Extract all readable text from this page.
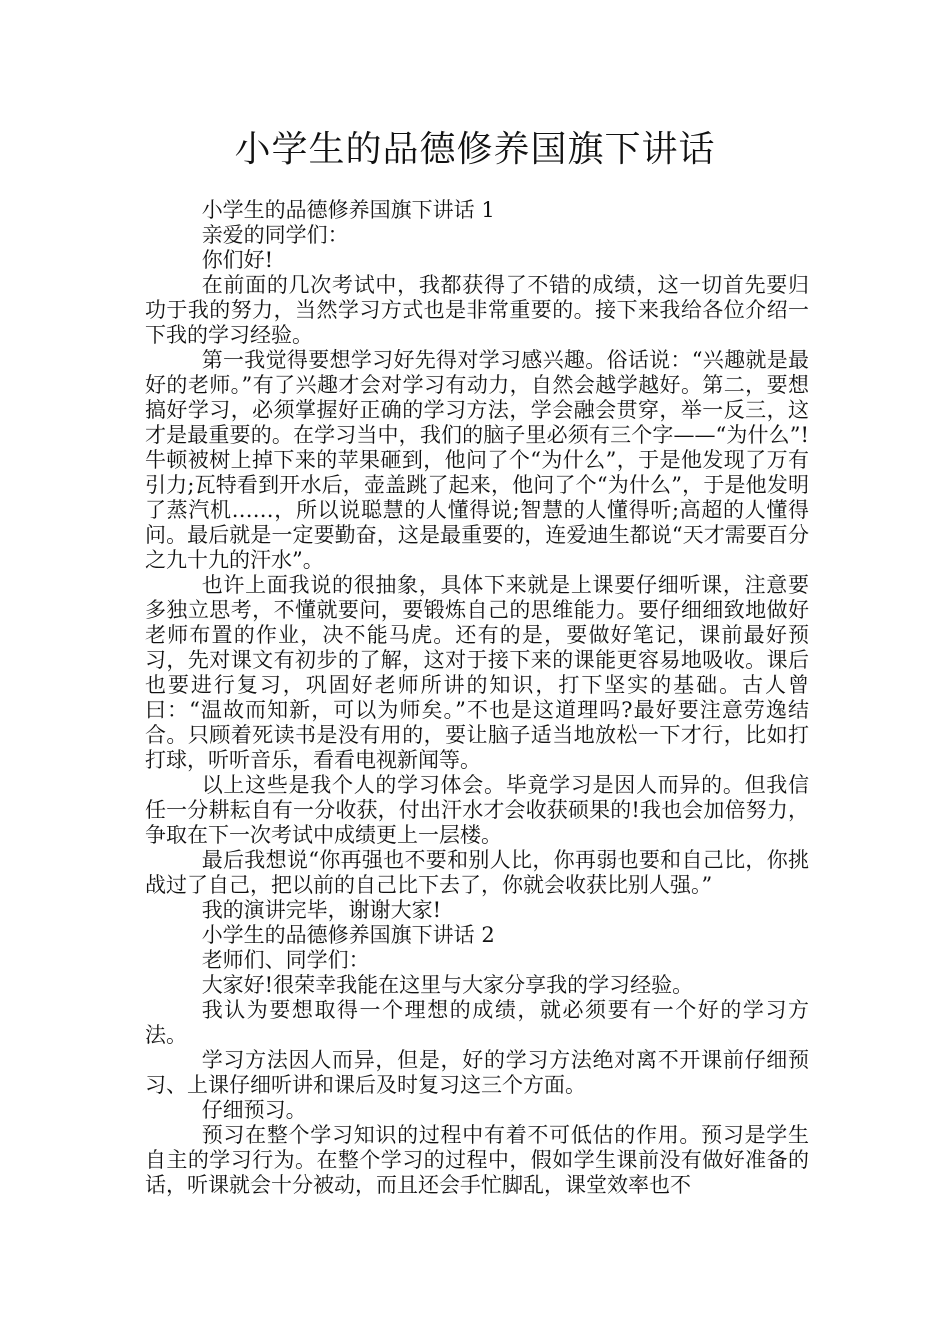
小学生的品德修养国旗下讲话

小学生的品德修养国旗下讲话 1

亲爱的同学们：

你们好!

在前面的几次考试中，我都获得了不错的成绩，这一切首先要归功于我的努力，当然学习方式也是非常重要的。接下来我给各位介绍一下我的学习经验。

第一我觉得要想学习好先得对学习感兴趣。俗话说：“兴趣就是最好的老师。”有了兴趣才会对学习有动力，自然会越学越好。第二，要想搞好学习，必须掌握好正确的学习方法，学会融会贯穿，举一反三，这才是最重要的。在学习当中，我们的脑子里必须有三个字——“为什么”!牛顿被树上掉下来的苹果砸到，他问了个“为什么”，于是他发现了万有引力;瓦特看到开水后，壶盖跳了起来，他问了个“为什么”，于是他发明了蒸汽机……，所以说聪慧的人懂得说;智慧的人懂得听;高超的人懂得问。最后就是一定要勤奋，这是最重要的，连爱迪生都说“天才需要百分之九十九的汗水”。

也许上面我说的很抽象，具体下来就是上课要仔细听课，注意要多独立思考，不懂就要问，要锻炼自己的思维能力。要仔细细致地做好老师布置的作业，决不能马虎。还有的是，要做好笔记，课前最好预习，先对课文有初步的了解，这对于接下来的课能更容易地吸收。课后也要进行复习，巩固好老师所讲的知识，打下坚实的基础。古人曾曰：“温故而知新，可以为师矣。”不也是这道理吗?最好要注意劳逸结合。只顾着死读书是没有用的，要让脑子适当地放松一下才行，比如打打球，听听音乐，看看电视新闻等。

以上这些是我个人的学习体会。毕竟学习是因人而异的。但我信任一分耕耘自有一分收获，付出汗水才会收获硕果的!我也会加倍努力，争取在下一次考试中成绩更上一层楼。

最后我想说“你再强也不要和别人比，你再弱也要和自己比，你挑战过了自己，把以前的自己比下去了，你就会收获比别人强。”

我的演讲完毕，谢谢大家!

小学生的品德修养国旗下讲话 2

老师们、同学们：

大家好!很荣幸我能在这里与大家分享我的学习经验。

我认为要想取得一个理想的成绩，就必须要有一个好的学习方法。

学习方法因人而异，但是，好的学习方法绝对离不开课前仔细预习、上课仔细听讲和课后及时复习这三个方面。

仔细预习。

预习在整个学习知识的过程中有着不可低估的作用。预习是学生自主的学习行为。在整个学习的过程中，假如学生课前没有做好准备的话，听课就会十分被动，而且还会手忙脚乱，课堂效率也不
